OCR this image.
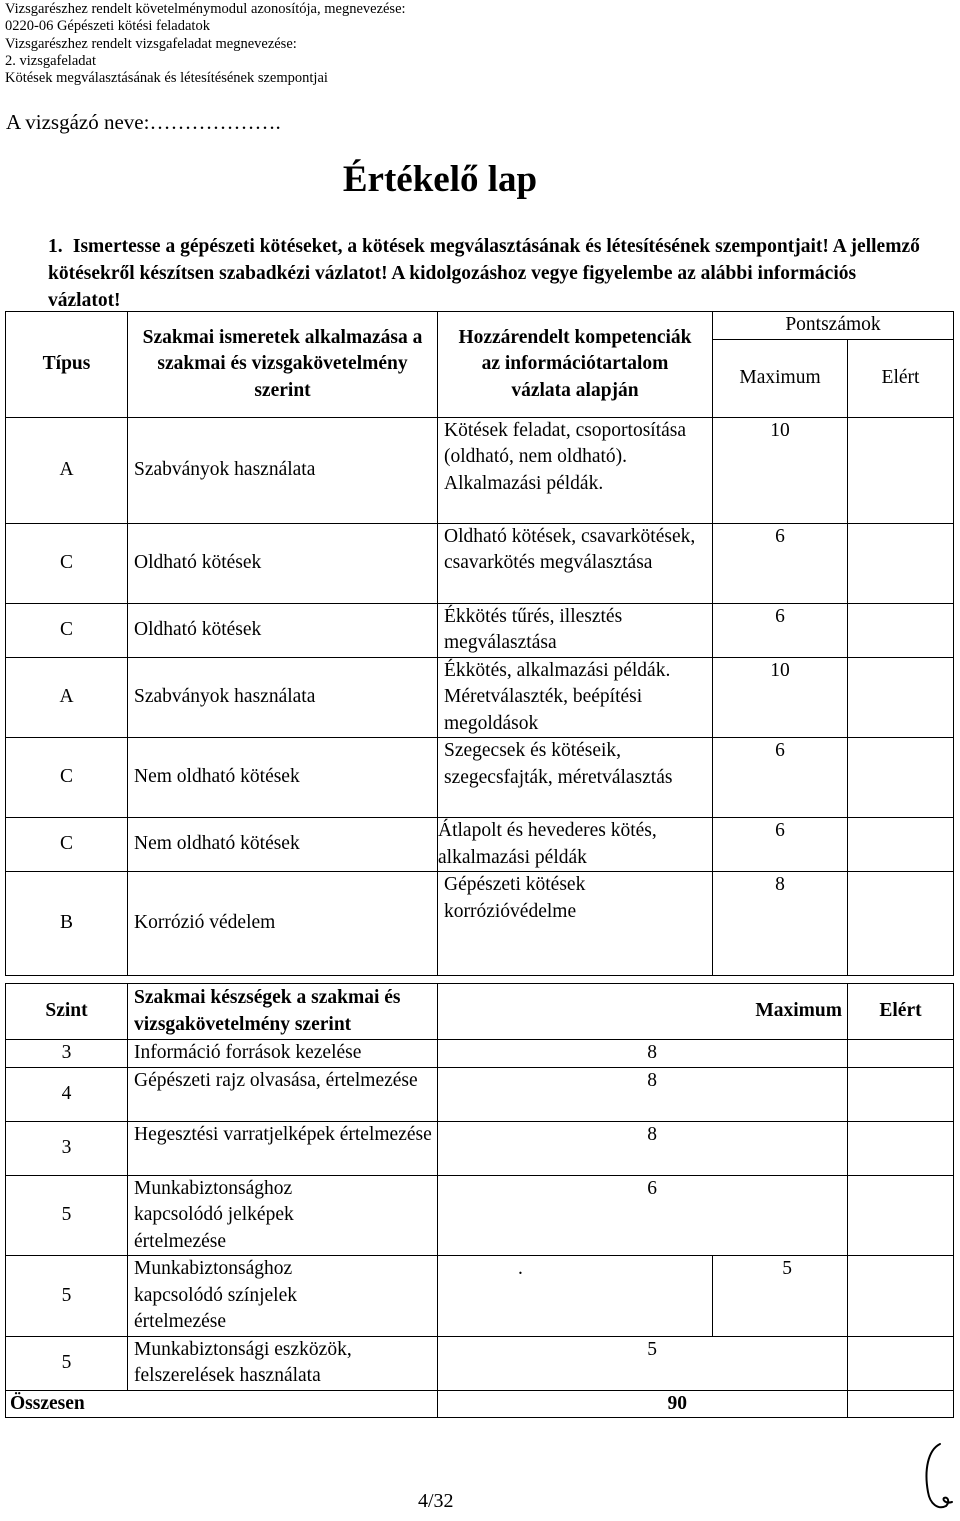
Vizsgarészhez rendelt követelménymodul azonosítója, megnevezése:
0220-06 Gépészeti kötési feladatok
Vizsgarészhez rendelt vizsgafeladat megnevezése:
2. vizsgafeladat
Kötések megválasztásának és létesítésének szempontjai
A vizsgázó neve:……………….
Értékelő lap
1. Ismertesse a gépészeti kötéseket, a kötések megválasztásának és létesítésének szempontjait! A jellemző kötésekről készítsen szabadkézi vázlatot! A kidolgozáshoz vegye figyelembe az alábbi információs vázlatot!
Típus	Szakmai ismeretek alkalmazása a szakmai és vizsgakövetelmény szerint	Hozzárendelt kompetenciák az információtartalom vázlata alapján	Pontszámok	
			Maximum	Elért
A	Szabványok használata	Kötések feladat, csoportosítása (oldható, nem oldható). Alkalmazási példák.	10	
C	Oldható kötések	Oldható kötések, csavarkötések, csavarkötés megválasztása	6	
C	Oldható kötések	Ékkötés tűrés, illesztés megválasztása	6	
A	Szabványok használata	Ékkötés, alkalmazási példák. Méretválaszték, beépítési megoldások	10	
C	Nem oldható kötések	Szegecsek és kötéseik, szegecsfajták, méretválasztás	6	
C	Nem oldható kötések	Átlapolt és hevederes kötés, alkalmazási példák	6	
B	Korrózió védelem	Gépészeti kötések korrózióvédelme	8	
Szint	Szakmai készségek a szakmai és vizsgakövetelmény szerint	Maximum		Elért
3	Információ források kezelése	8		
4	Gépészeti rajz olvasása, értelmezése	8		
3	Hegesztési varratjelképek értelmezése	8		
5	Munkabiztonsághoz kapcsolódó jelképek értelmezése	6		
5	Munkabiztonsághoz kapcsolódó színjelek értelmezése	.	5	
5	Munkabiztonsági eszközök, felszerelések használata	5		
Összesen		90		
4/32
